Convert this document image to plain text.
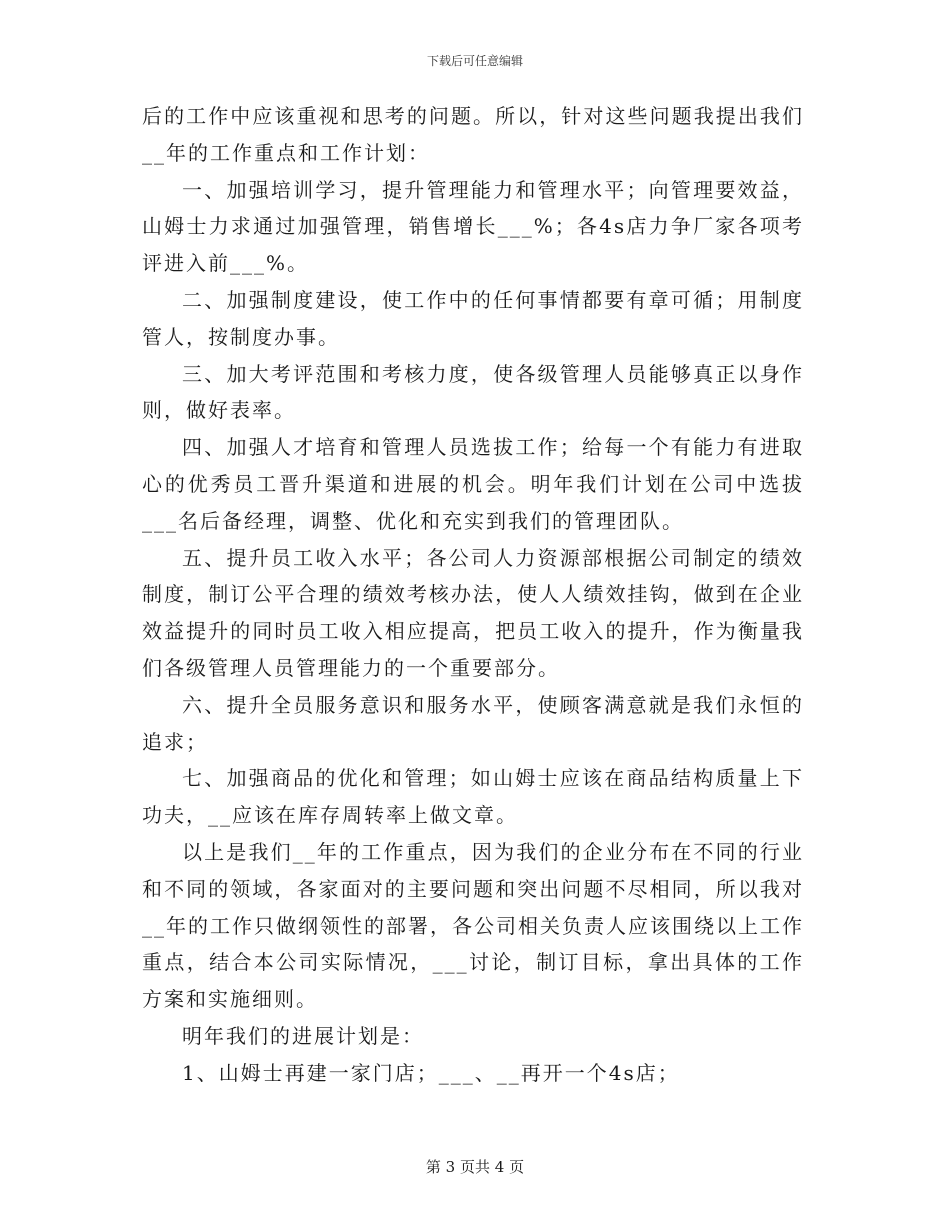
下载后可任意编辑

后的工作中应该重视和思考的问题。所以，针对这些问题我提出我们__年的工作重点和工作计划：

一、加强培训学习，提升管理能力和管理水平；向管理要效益，山姆士力求通过加强管理，销售增长___%；各4s店力争厂家各项考评进入前___%。

二、加强制度建设，使工作中的任何事情都要有章可循；用制度管人，按制度办事。

三、加大考评范围和考核力度，使各级管理人员能够真正以身作则，做好表率。

四、加强人才培育和管理人员选拔工作；给每一个有能力有进取心的优秀员工晋升渠道和进展的机会。明年我们计划在公司中选拔___名后备经理，调整、优化和充实到我们的管理团队。

五、提升员工收入水平；各公司人力资源部根据公司制定的绩效制度，制订公平合理的绩效考核办法，使人人绩效挂钩，做到在企业效益提升的同时员工收入相应提高，把员工收入的提升，作为衡量我们各级管理人员管理能力的一个重要部分。

六、提升全员服务意识和服务水平，使顾客满意就是我们永恒的追求；

七、加强商品的优化和管理；如山姆士应该在商品结构质量上下功夫，__应该在库存周转率上做文章。

以上是我们__年的工作重点，因为我们的企业分布在不同的行业和不同的领域，各家面对的主要问题和突出问题不尽相同，所以我对__年的工作只做纲领性的部署，各公司相关负责人应该围绕以上工作重点，结合本公司实际情况，___讨论，制订目标，拿出具体的工作方案和实施细则。

明年我们的进展计划是：

1、山姆士再建一家门店；___、__再开一个4s店；

第 3 页共 4 页
